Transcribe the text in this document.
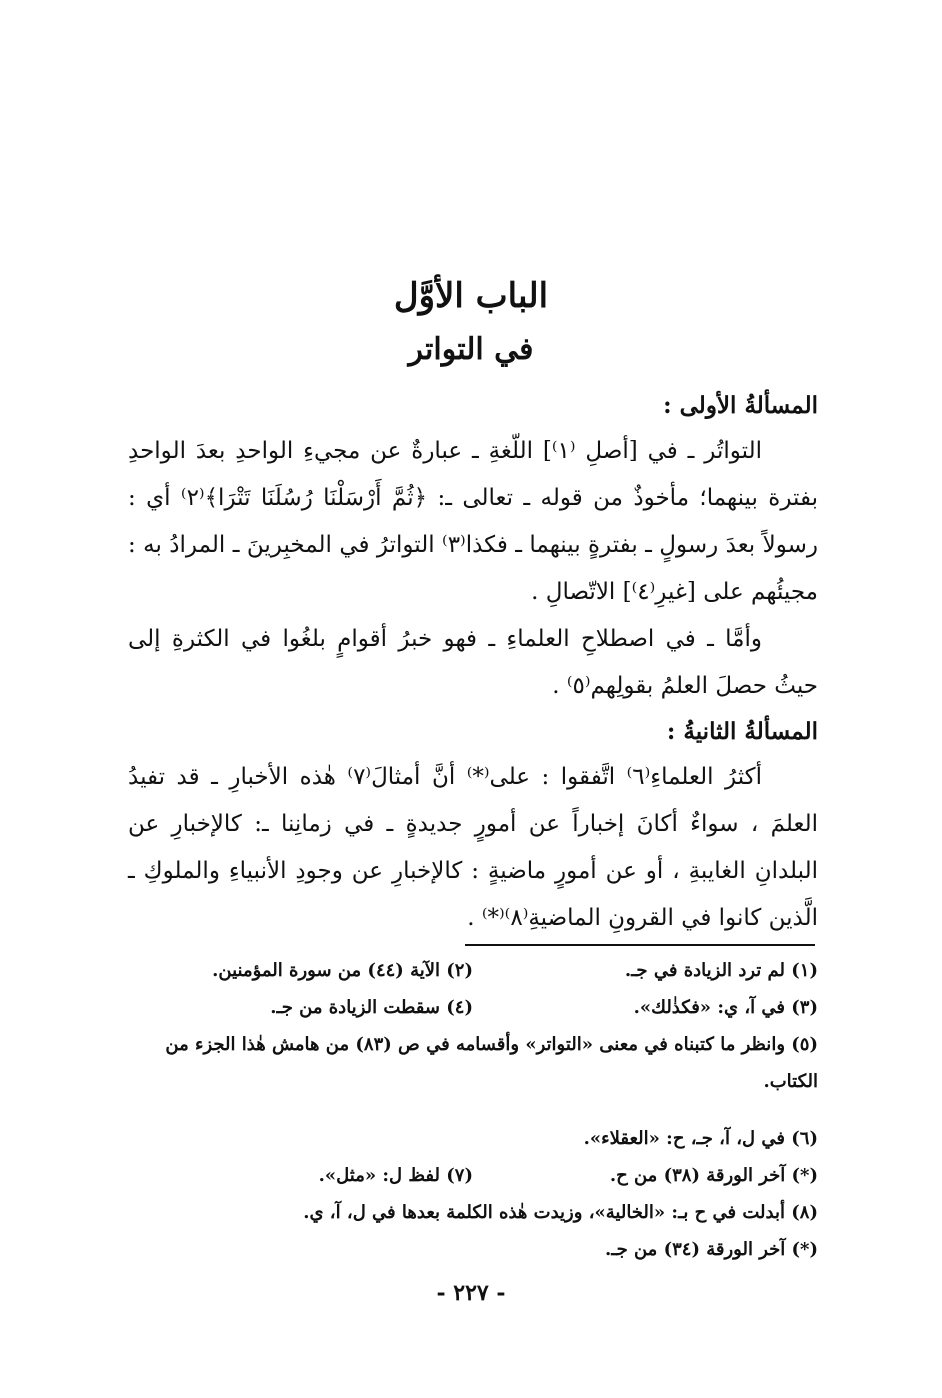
الباب الأوَّل
في التواتر
المسألةُ الأولى :

التواتُر ـ في [أصلِ ⁽١⁾] اللّغةِ ـ عبارةٌ عن مجيءِ الواحدِ بعدَ الواحدِ بفترة بينهما؛ مأخوذٌ من قوله ـ تعالى ـ: ﴿ثُمَّ أَرْسَلْنَا رُسُلَنَا تَتْرَا﴾⁽٢⁾ أي : رسولاً بعدَ رسولٍ ـ بفترةٍ بينهما ـ فكذا⁽٣⁾ التواترُ في المخبِرينَ ـ المرادُ به : مجيئُهم على [غيرِ⁽٤⁾] الاتّصالِ .

وأمَّا ـ في اصطلاحِ العلماءِ ـ فهو خبرُ أقوامٍ بلغُوا في الكثرةِ إلى حيثُ حصلَ العلمُ بقولِهم⁽٥⁾ .

المسألةُ الثانيةُ :

أكثرُ العلماءِ⁽٦⁾ اتَّفقوا : على⁽*⁾ أنَّ أمثالَ⁽٧⁾ هٰذه الأخبارِ ـ قد تفيدُ العلمَ ، سواءٌ أكانَ إخباراً عن أمورٍ جديدةٍ ـ في زمانِنا ـ: كالإخبارِ عن البلدانِ الغايبةِ ، أو عن أمورٍ ماضيةٍ : كالإخبارِ عن وجودِ الأنبياءِ والملوكِ ـ الَّذين كانوا في القرونِ الماضيةِ⁽٨⁾⁽*⁾ .

(١) لم ترد الزيادة في جـ.
(٢) الآية (٤٤) من سورة المؤمنين.
(٣) في آ، ي: «فكذٰلك».
(٤) سقطت الزيادة من جـ.
(٥) وانظر ما كتبناه في معنى «التواتر» وأقسامه في ص (٨٣) من هامش هٰذا الجزء من الكتاب.
(٦) في ل، آ، جـ، ح: «العقلاء».
(*) آخر الورقة (٣٨) من ح.
(٧) لفظ ل: «مثل».
(٨) أبدلت في ح بـ: «الخالية»، وزيدت هٰذه الكلمة بعدها في ل، آ، ي.
(*) آخر الورقة (٣٤) من جـ.
- ٢٢٧ -
